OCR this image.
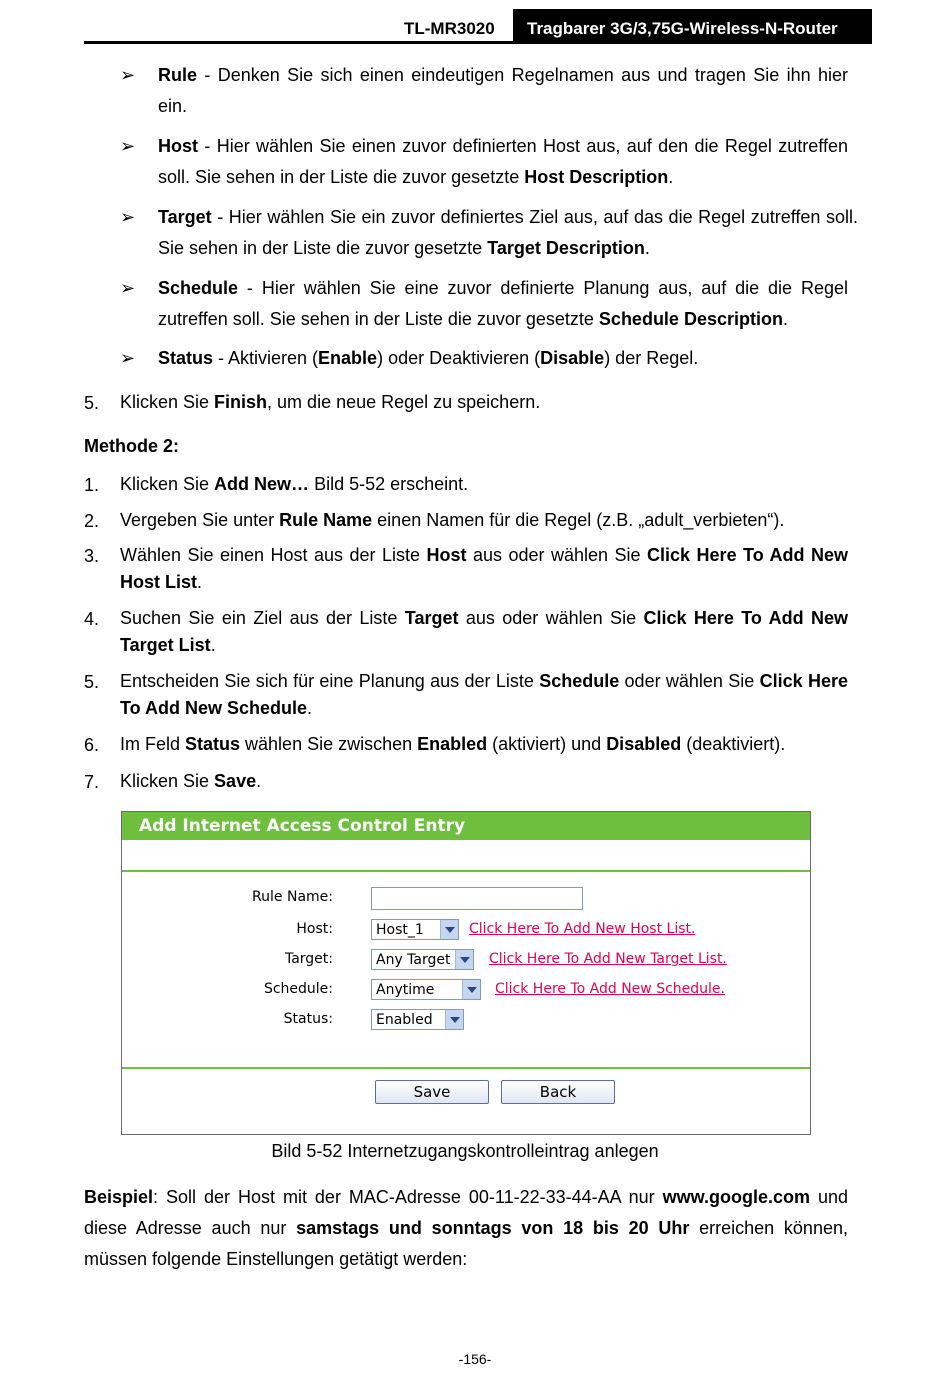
TL-MR3020 Tragbarer 3G/3,75G-Wireless-N-Router
➢ Rule - Denken Sie sich einen eindeutigen Regelnamen aus und tragen Sie ihn hier ein.
➢ Host - Hier wählen Sie einen zuvor definierten Host aus, auf den die Regel zutreffen soll. Sie sehen in der Liste die zuvor gesetzte Host Description.
➢ Target - Hier wählen Sie ein zuvor definiertes Ziel aus, auf das die Regel zutreffen soll. Sie sehen in der Liste die zuvor gesetzte Target Description.
➢ Schedule - Hier wählen Sie eine zuvor definierte Planung aus, auf die die Regel zutreffen soll. Sie sehen in der Liste die zuvor gesetzte Schedule Description.
➢ Status - Aktivieren (Enable) oder Deaktivieren (Disable) der Regel.
5. Klicken Sie Finish, um die neue Regel zu speichern.
Methode 2:
1. Klicken Sie Add New… Bild 5-52 erscheint.
2. Vergeben Sie unter Rule Name einen Namen für die Regel (z.B. „adult_verbieten“).
3. Wählen Sie einen Host aus der Liste Host aus oder wählen Sie Click Here To Add New Host List.
4. Suchen Sie ein Ziel aus der Liste Target aus oder wählen Sie Click Here To Add New Target List.
5. Entscheiden Sie sich für eine Planung aus der Liste Schedule oder wählen Sie Click Here To Add New Schedule.
6. Im Feld Status wählen Sie zwischen Enabled (aktiviert) und Disabled (deaktiviert).
7. Klicken Sie Save.
Add Internet Access Control Entry
Rule Name:
Host:	Host_1	Click Here To Add New Host List.
Target:	Any Target	Click Here To Add New Target List.
Schedule:	Anytime	Click Here To Add New Schedule.
Status:	Enabled
Save	Back
Bild 5-52 Internetzugangskontrolleintrag anlegen
Beispiel: Soll der Host mit der MAC-Adresse 00-11-22-33-44-AA nur www.google.com und
diese Adresse auch nur samstags und sonntags von 18 bis 20 Uhr erreichen können,
müssen folgende Einstellungen getätigt werden:
-156-
